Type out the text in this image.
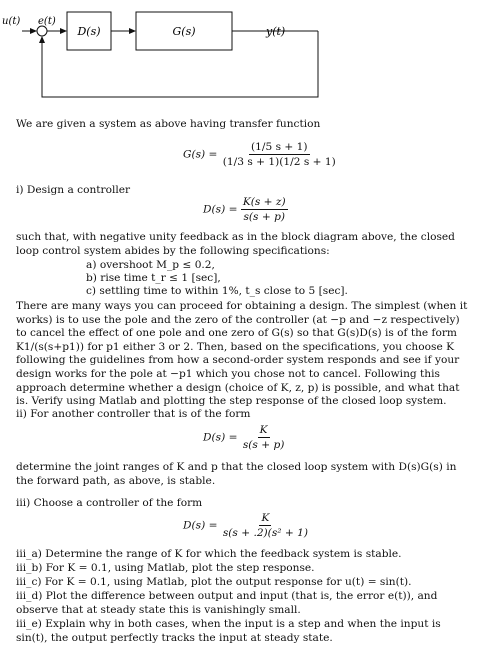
u(t) e(t)
D(s)	G(s)	y(t)

We are given a system as above having transfer function

$G(s) = \frac{(1/5 s + 1)}{(1/3 s + 1)(1/2 s + 1)}$
i) Design a controller
$D(s) = \frac{K(s + z)}{s(s + p)}$

such that, with negative unity feedback as in the block diagram above, the closed loop control system abides by the following specifications:

a) overshoot M_p ≤ 0.2,
b) rise time t_r ≤ 1 [sec],
c) settling time to within 1%, t_s close to 5 [sec].

There are many ways you can proceed for obtaining a design. The simplest (when it works) is to use the pole and the zero of the controller (at −p and −z respectively) to cancel the effect of one pole and one zero of G(s) so that G(s)D(s) is of the form K1/(s(s+p1)) for p1 either 3 or 2. Then, based on the specifications, you choose K following the guidelines from how a second-order system responds and see if your design works for the pole at −p1 which you chose not to cancel. Following this approach determine whether a design (choice of K, z, p) is possible, and what that is. Verify using Matlab and plotting the step response of the closed loop system.

ii) For another controller that is of the form
$D(s) = \frac{K}{s(s + p)}$

determine the joint ranges of K and p that the closed loop system with D(s)G(s) in the forward path, as above, is stable.

iii) Choose a controller of the form
$D(s) = \frac{K}{\text{s(s + .2)(s² + 1)}}$

iii_a) Determine the range of K for which the feedback system is stable.

iii_b) For K = 0.1, using Matlab, plot the step response.

iii_c) For K = 0.1, using Matlab, plot the output response for u(t) = sin(t).

iii_d) Plot the difference between output and input (that is, the error e(t)), and observe that at steady state this is vanishingly small.

iii_e) Explain why in both cases, when the input is a step and when the input is sin(t), the output perfectly tracks the input at steady state.
